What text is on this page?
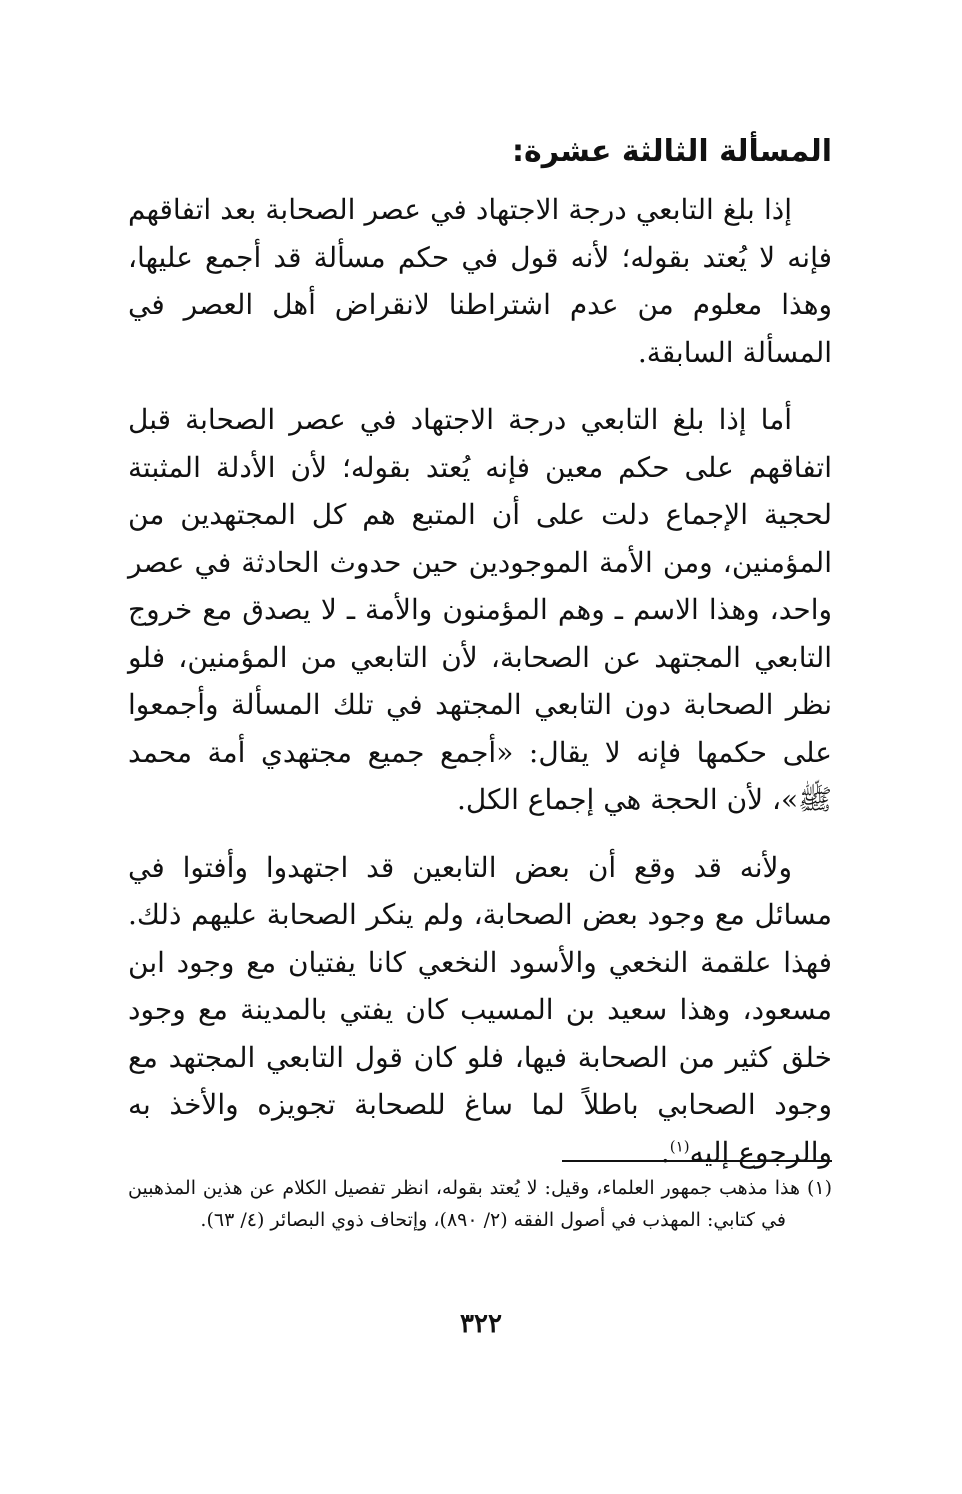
المسألة الثالثة عشرة:

إذا بلغ التابعي درجة الاجتهاد في عصر الصحابة بعد اتفاقهم فإنه لا يُعتد بقوله؛ لأنه قول في حكم مسألة قد أجمع عليها، وهذا معلوم من عدم اشتراطنا لانقراض أهل العصر في المسألة السابقة.

أما إذا بلغ التابعي درجة الاجتهاد في عصر الصحابة قبل اتفاقهم على حكم معين فإنه يُعتد بقوله؛ لأن الأدلة المثبتة لحجية الإجماع دلت على أن المتبع هم كل المجتهدين من المؤمنين، ومن الأمة الموجودين حين حدوث الحادثة في عصر واحد، وهذا الاسم ـ وهم المؤمنون والأمة ـ لا يصدق مع خروج التابعي المجتهد عن الصحابة، لأن التابعي من المؤمنين، فلو نظر الصحابة دون التابعي المجتهد في تلك المسألة وأجمعوا على حكمها فإنه لا يقال: «أجمع جميع مجتهدي أمة محمد ﷺ»، لأن الحجة هي إجماع الكل.

ولأنه قد وقع أن بعض التابعين قد اجتهدوا وأفتوا في مسائل مع وجود بعض الصحابة، ولم ينكر الصحابة عليهم ذلك. فهذا علقمة النخعي والأسود النخعي كانا يفتيان مع وجود ابن مسعود، وهذا سعيد بن المسيب كان يفتي بالمدينة مع وجود خلق كثير من الصحابة فيها، فلو كان قول التابعي المجتهد مع وجود الصحابي باطلاً لما ساغ للصحابة تجويزه والأخذ به والرجوع إليه$^{(١)}$.

(١) هذا مذهب جمهور العلماء، وقيل: لا يُعتد بقوله، انظر تفصيل الكلام عن هذين المذهبين في كتابي: المهذب في أصول الفقه (٢/ ٨٩٠)، وإتحاف ذوي البصائر (٤/ ٦٣).

٣٢٢
